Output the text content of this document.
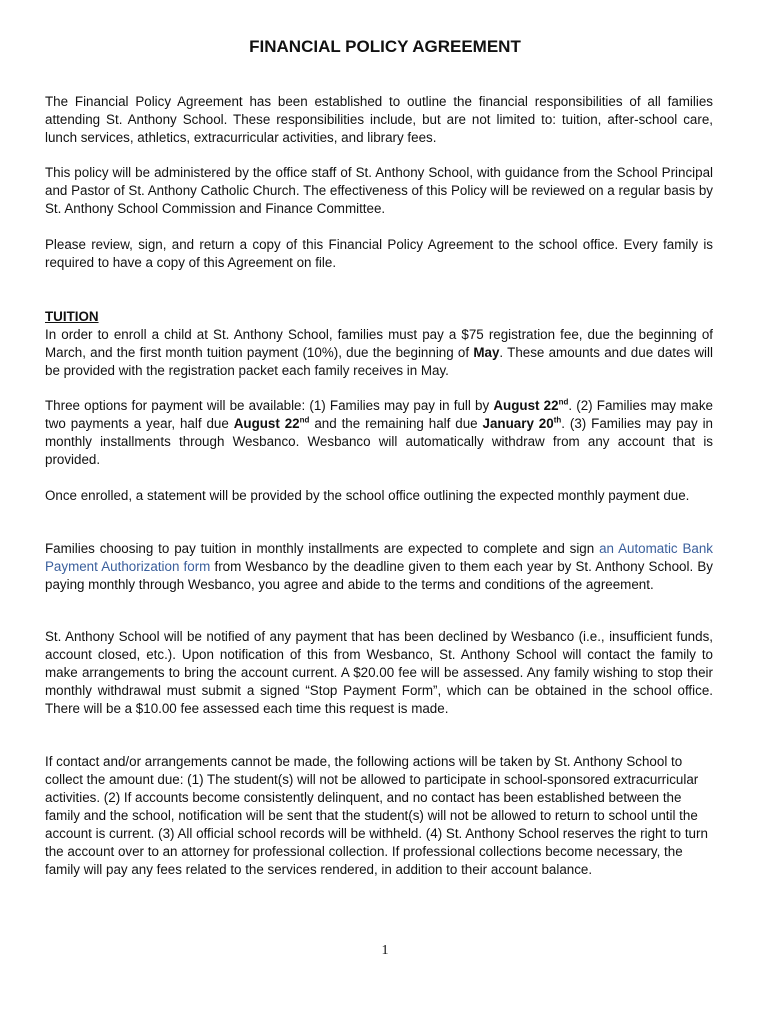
FINANCIAL POLICY AGREEMENT

The Financial Policy Agreement has been established to outline the financial responsibilities of all families attending St. Anthony School. These responsibilities include, but are not limited to: tuition, after-school care, lunch services, athletics, extracurricular activities, and library fees.

This policy will be administered by the office staff of St. Anthony School, with guidance from the School Principal and Pastor of St. Anthony Catholic Church. The effectiveness of this Policy will be reviewed on a regular basis by St. Anthony School Commission and Finance Committee.

Please review, sign, and return a copy of this Financial Policy Agreement to the school office. Every family is required to have a copy of this Agreement on file.

TUITION

In order to enroll a child at St. Anthony School, families must pay a $75 registration fee, due the beginning of March, and the first month tuition payment (10%), due the beginning of May. These amounts and due dates will be provided with the registration packet each family receives in May.

Three options for payment will be available: (1) Families may pay in full by August 22nd. (2) Families may make two payments a year, half due August 22nd and the remaining half due January 20th. (3) Families may pay in monthly installments through Wesbanco. Wesbanco will automatically withdraw from any account that is provided.

Once enrolled, a statement will be provided by the school office outlining the expected monthly payment due.

Families choosing to pay tuition in monthly installments are expected to complete and sign an Automatic Bank Payment Authorization form from Wesbanco by the deadline given to them each year by St. Anthony School. By paying monthly through Wesbanco, you agree and abide to the terms and conditions of the agreement.

St. Anthony School will be notified of any payment that has been declined by Wesbanco (i.e., insufficient funds, account closed, etc.). Upon notification of this from Wesbanco, St. Anthony School will contact the family to make arrangements to bring the account current. A $20.00 fee will be assessed. Any family wishing to stop their monthly withdrawal must submit a signed “Stop Payment Form”, which can be obtained in the school office. There will be a $10.00 fee assessed each time this request is made.

If contact and/or arrangements cannot be made, the following actions will be taken by St. Anthony School to collect the amount due: (1) The student(s) will not be allowed to participate in school-sponsored extracurricular activities. (2) If accounts become consistently delinquent, and no contact has been established between the family and the school, notification will be sent that the student(s) will not be allowed to return to school until the account is current. (3) All official school records will be withheld. (4) St. Anthony School reserves the right to turn the account over to an attorney for professional collection. If professional collections become necessary, the family will pay any fees related to the services rendered, in addition to their account balance.

1
